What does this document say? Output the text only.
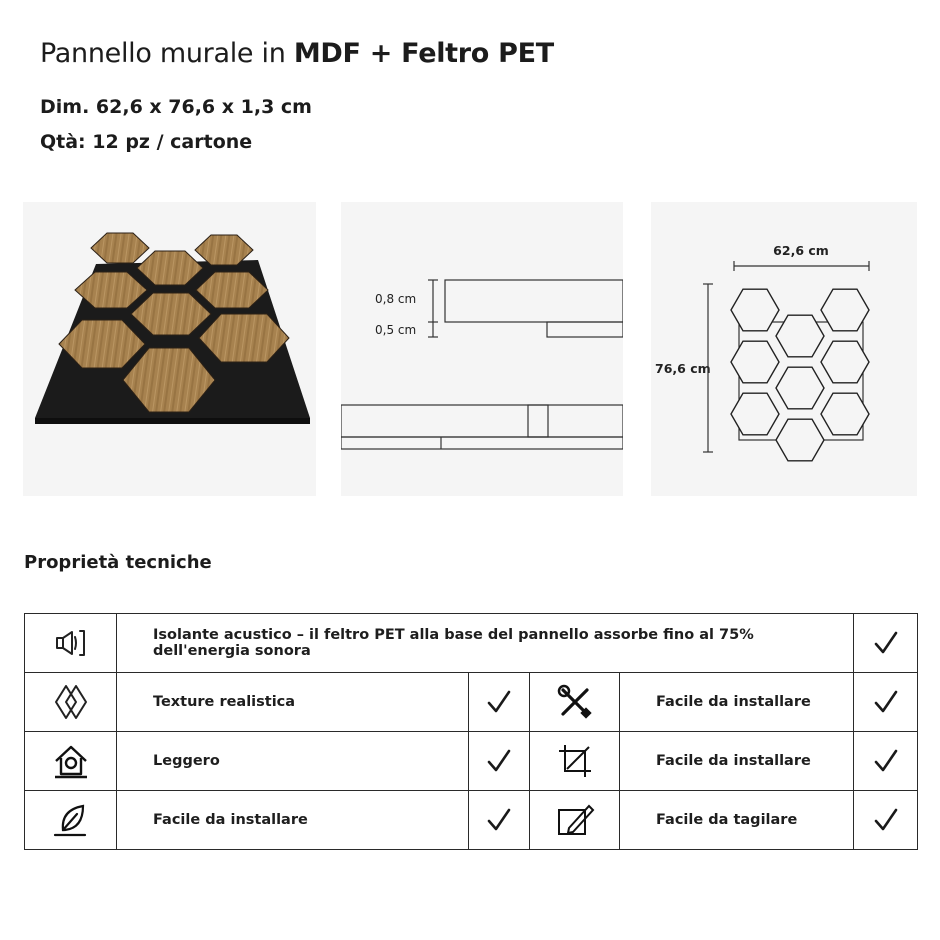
Pannello murale in MDF + Feltro PET
Dim. 62,6 x 76,6 x 1,3 cm
Qtà: 12 pz / cartone
0,8 cm
0,5 cm
62,6 cm
76,6 cm
Proprietà tecniche
	Isolante acustico – il feltro PET alla base del pannello assorbe fino al 75% dell'energia sonora	
	Texture realistica			Facile da installare	
	Leggero			Facile da installare	
	Facile da installare			Facile da tagilare	
